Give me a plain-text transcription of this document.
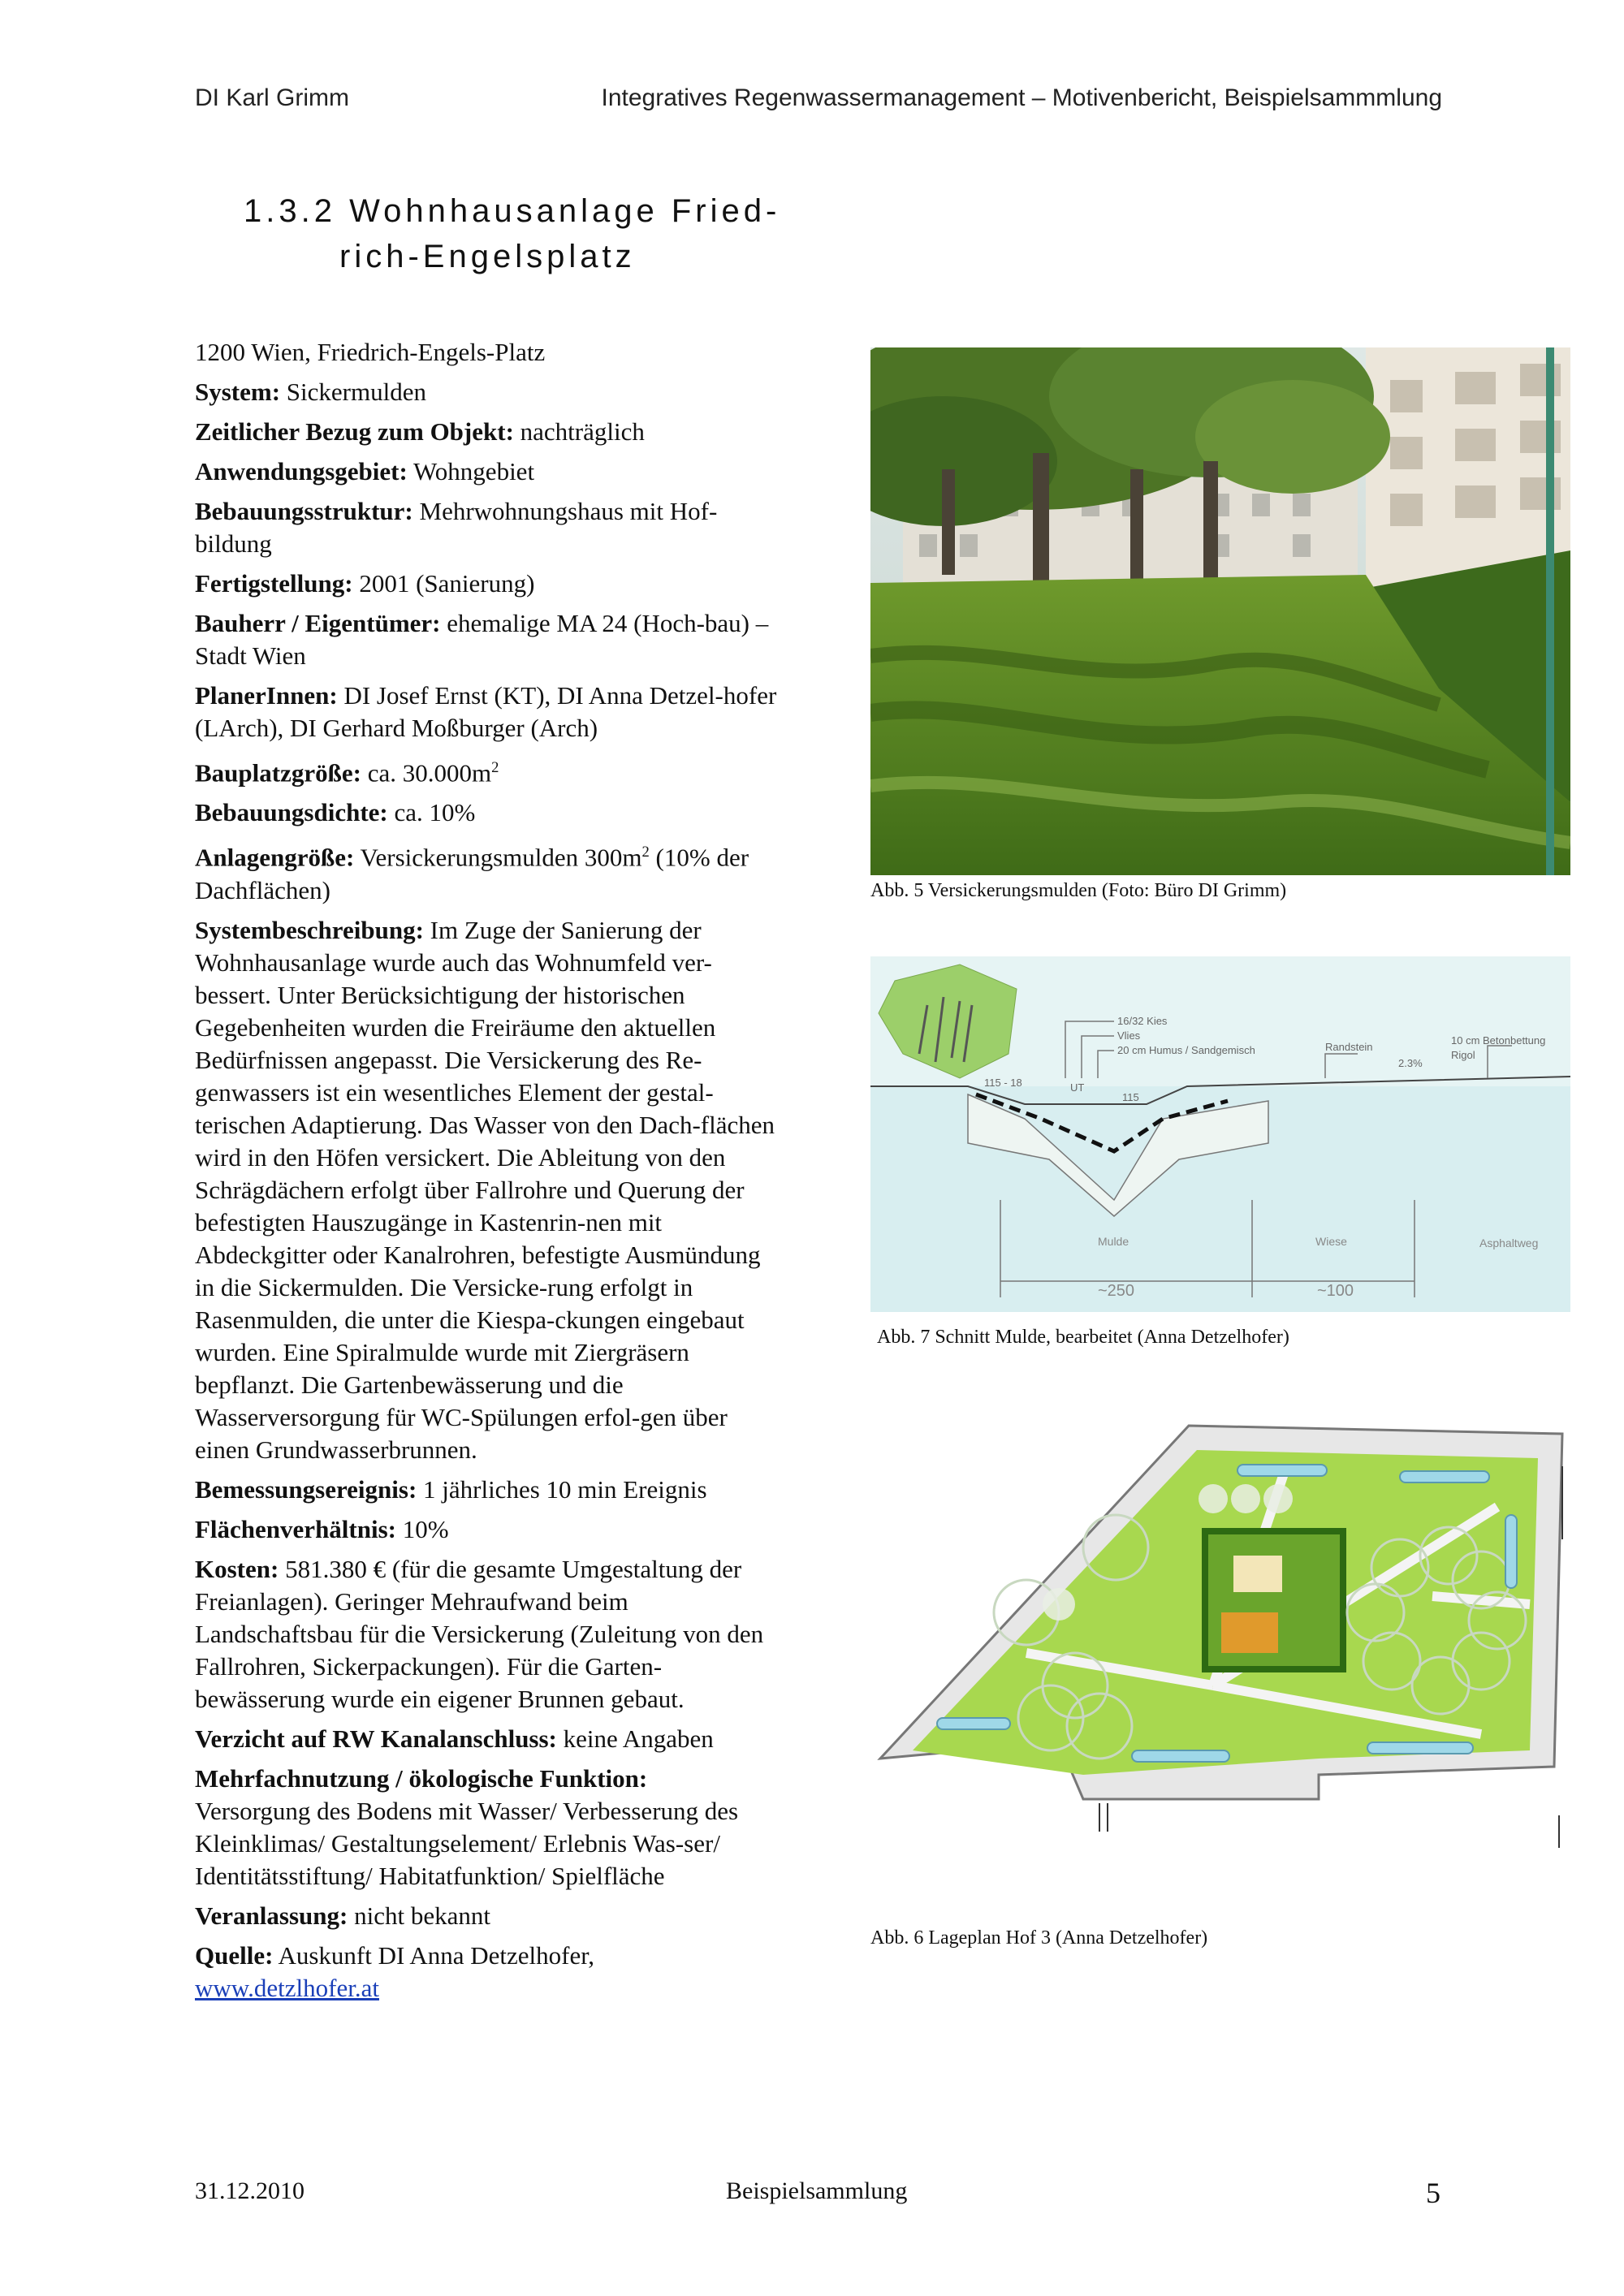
DI Karl Grimm	Integratives Regenwassermanagement – Motivenbericht, Beispielsammmlung
1.3.2 Wohnhausanlage Fried-
rich-Engelsplatz

1200 Wien, Friedrich-Engels-Platz

System: Sickermulden

Zeitlicher Bezug zum Objekt: nachträglich

Anwendungsgebiet: Wohngebiet

Bebauungsstruktur: Mehrwohnungshaus mit Hof-bildung

Fertigstellung: 2001 (Sanierung)

Bauherr / Eigentümer: ehemalige MA 24 (Hoch-bau) – Stadt Wien

PlanerInnen: DI Josef Ernst (KT), DI Anna Detzel-hofer (LArch), DI Gerhard Moßburger (Arch)

Bauplatzgröße: ca. $30.000m^2$

Bebauungsdichte: ca. 10%

Anlagengröße: Versickerungsmulden $300m^2$ (10% der Dachflächen)

Systembeschreibung: Im Zuge der Sanierung der Wohnhausanlage wurde auch das Wohnumfeld ver-bessert. Unter Berücksichtigung der historischen Gegebenheiten wurden die Freiräume den aktuellen Bedürfnissen angepasst. Die Versickerung des Re-genwassers ist ein wesentliches Element der gestal-terischen Adaptierung. Das Wasser von den Dach-flächen wird in den Höfen versickert. Die Ableitung von den Schrägdächern erfolgt über Fallrohre und Querung der befestigten Hauszugänge in Kastenrin-nen mit Abdeckgitter oder Kanalrohren, befestigte Ausmündung in die Sickermulden. Die Versicke-rung erfolgt in Rasenmulden, die unter die Kiespa-ckungen eingebaut wurden. Eine Spiralmulde wurde mit Ziergräsern bepflanzt. Die Gartenbewässerung und die Wasserversorgung für WC-Spülungen erfol-gen über einen Grundwasserbrunnen.

Bemessungsereignis: 1 jährliches 10 min Ereignis

Flächenverhältnis: 10%

Kosten: 581.380 € (für die gesamte Umgestaltung der Freianlagen). Geringer Mehraufwand beim Landschaftsbau für die Versickerung (Zuleitung von den Fallrohren, Sickerpackungen). Für die Garten-bewässerung wurde ein eigener Brunnen gebaut.

Verzicht auf RW Kanalanschluss: keine Angaben

Mehrfachnutzung / ökologische Funktion:
Versorgung des Bodens mit Wasser/ Verbesserung des Kleinklimas/ Gestaltungselement/ Erlebnis Was-ser/ Identitätsstiftung/ Habitatfunktion/ Spielfläche

Veranlassung: nicht bekannt

Quelle: Auskunft DI Anna Detzelhofer,
www.detzlhofer.at

Abb. 5 Versickerungsmulden (Foto: Büro DI Grimm)
16/32 Kies
Vlies
20 cm Humus / Sandgemisch	Randstein
2.3%
10 cm Betonbettung
Rigol
115 - 18
115
UT
Mulde	Wiese	Asphaltweg
~250	~100
Abb. 7 Schnitt Mulde, bearbeitet (Anna Detzelhofer)
Abb. 6 Lageplan Hof 3 (Anna Detzelhofer)
31.12.2010	Beispielsammlung	5
